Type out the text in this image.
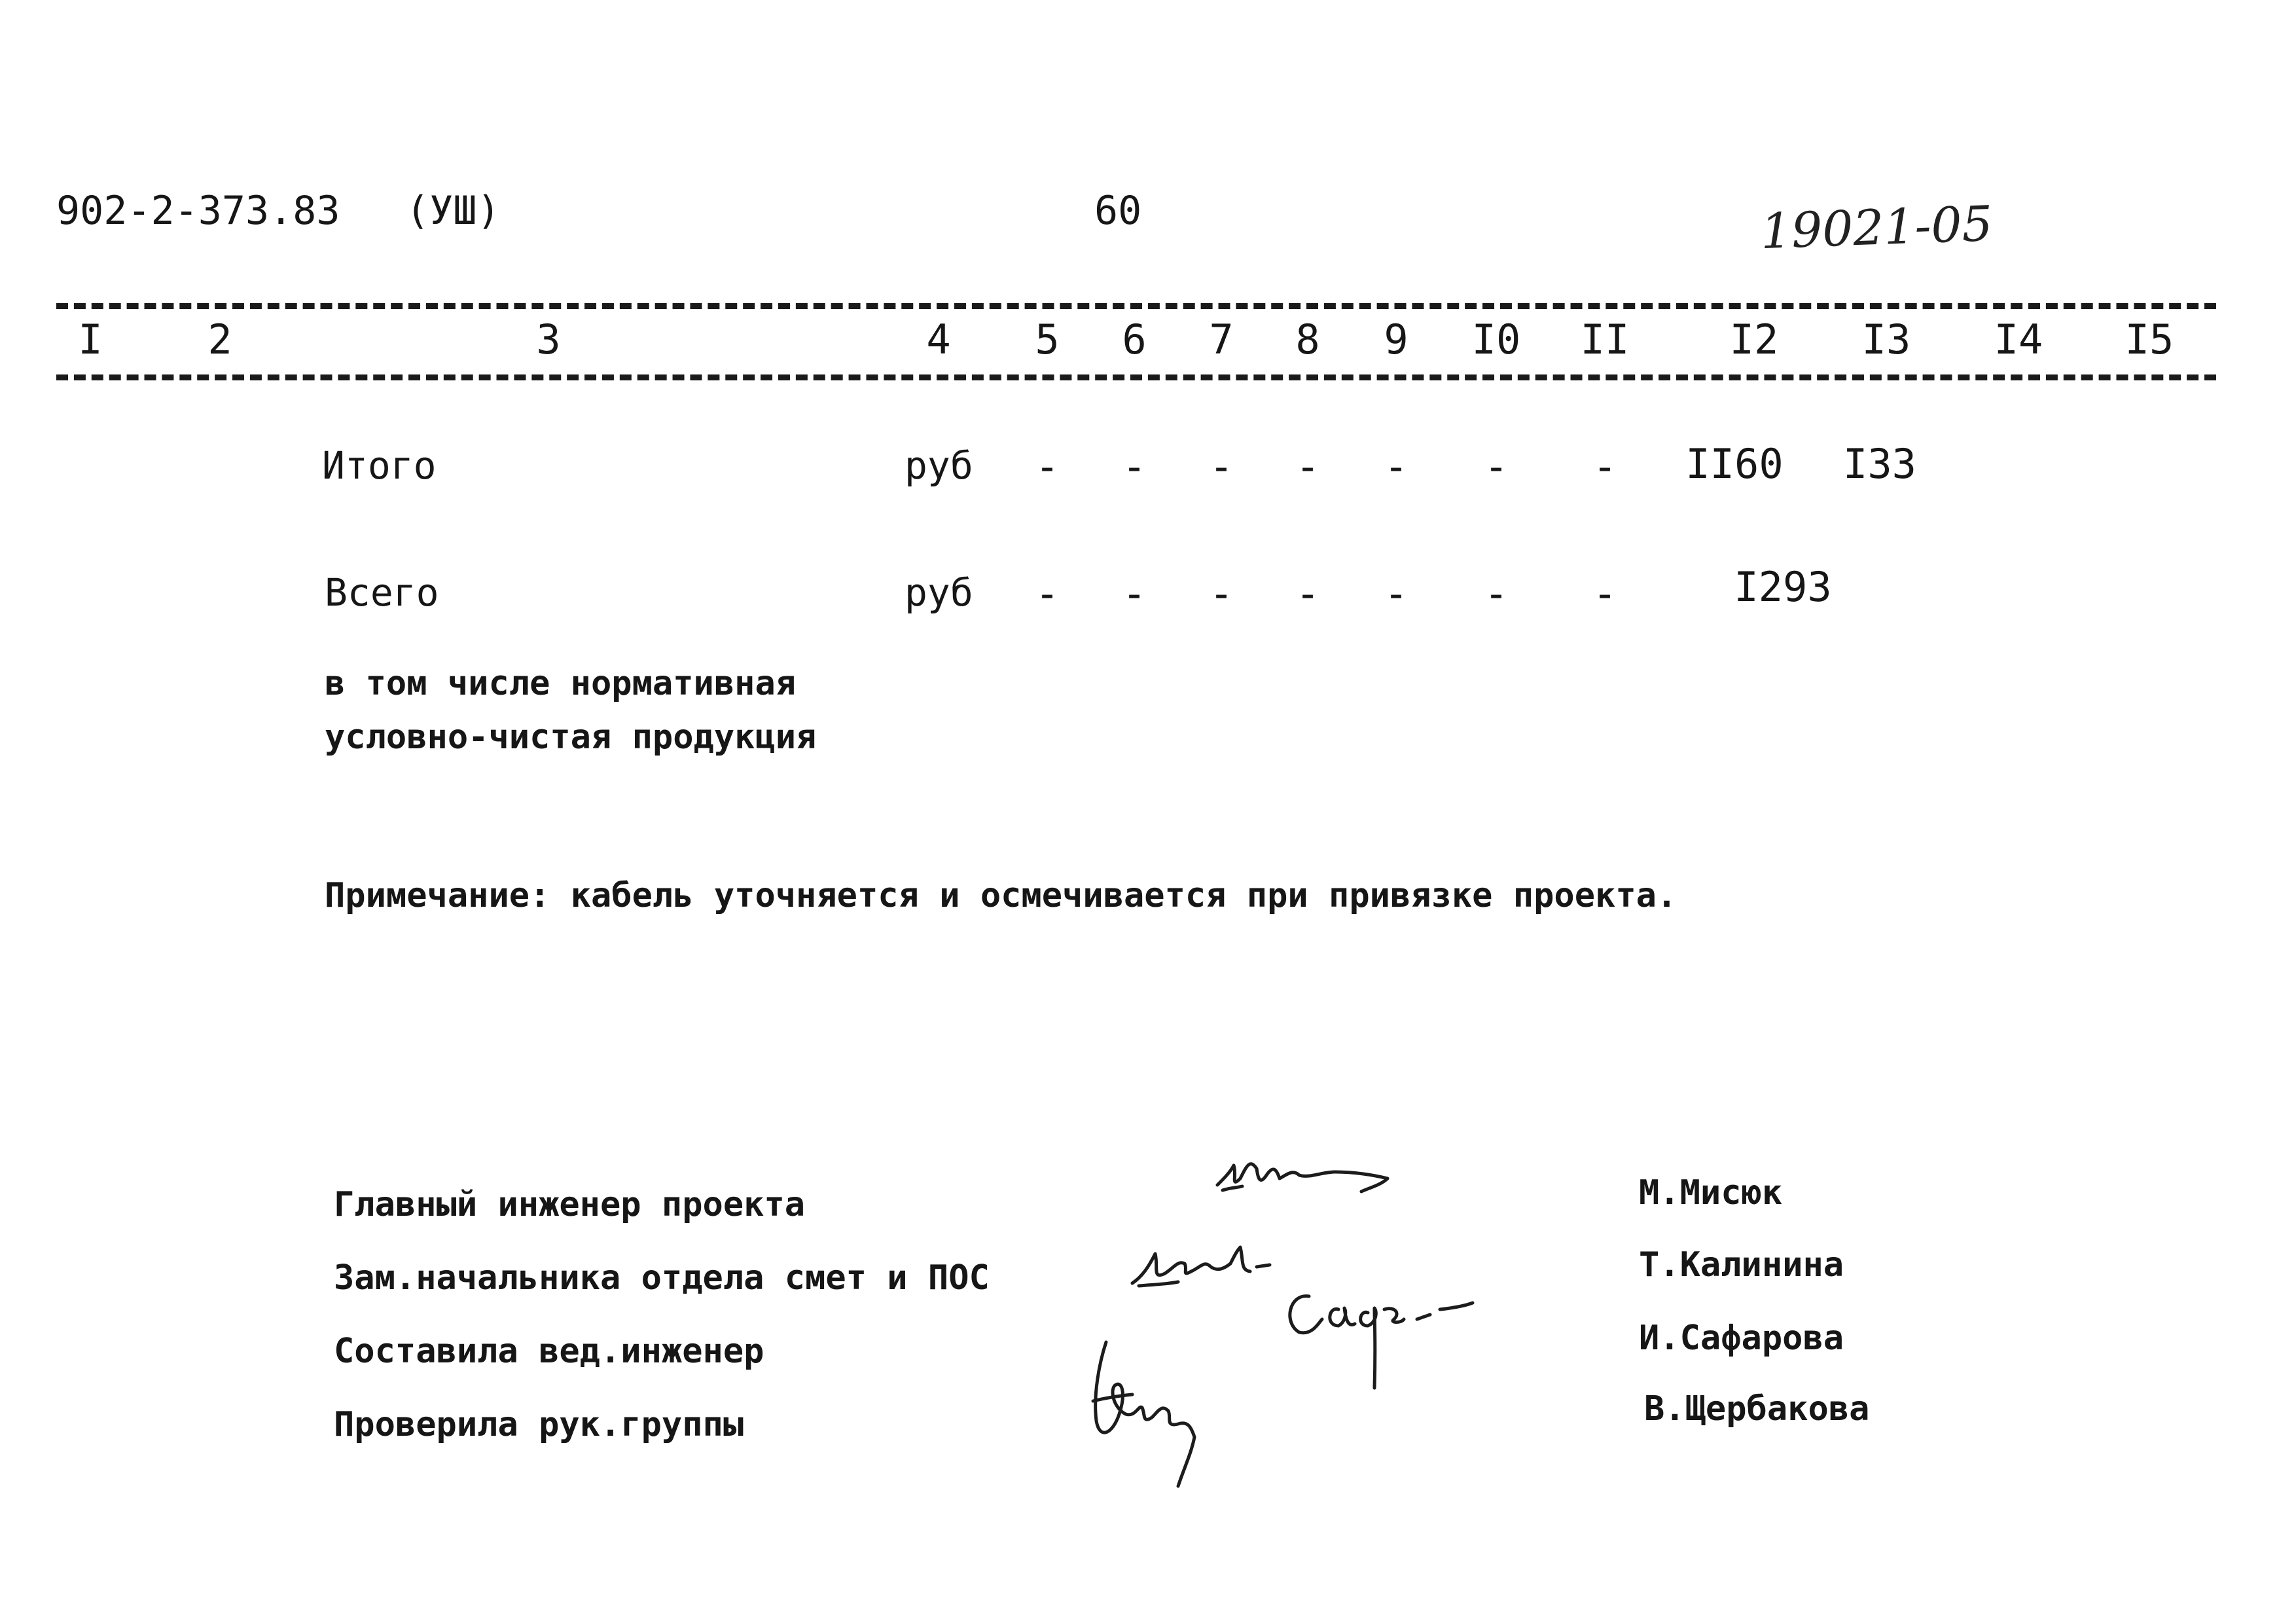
902-2-373.83 (УШ)	60	19021-05
I	2	3	4 5 6 7 8 9 I0 II I2 I3 I4 I5
Итого	руб - - - - - - - II60 I33
Всего	руб - - - - - - -	I293
в том числе нормативная
условно-чистая продукция
Примечание: кабель уточняется и осмечивается при привязке проекта.
Главный инженер проекта
Зам.начальника отдела смет и ПОС
Составила вед.инженер
Проверила рук.группы
М.Мисюк
Т.Калинина
И.Сафарова
В.Щербакова
